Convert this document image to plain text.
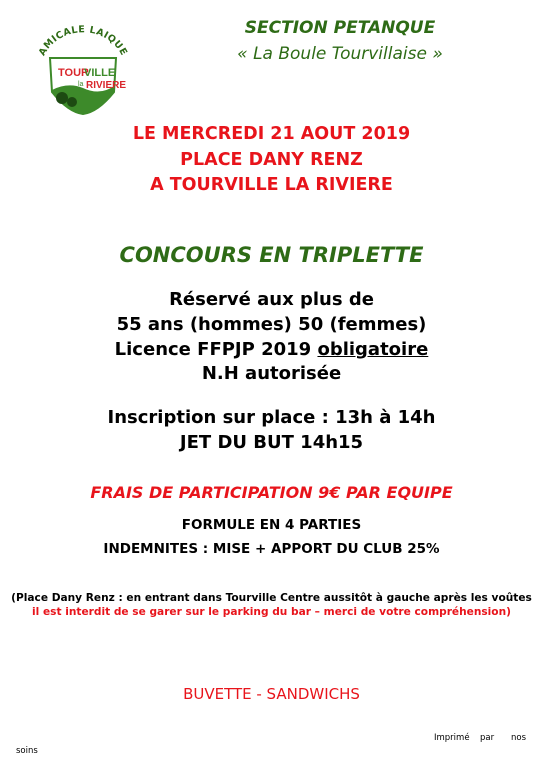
AMICALE LAIQUE
TOUR
VILLE
la RIVIERE
SECTION PETANQUE
« La Boule Tourvillaise »
LE MERCREDI 21 AOUT 2019
PLACE DANY RENZ
A TOURVILLE LA RIVIERE
CONCOURS EN TRIPLETTE
Réservé aux plus de
55 ans (hommes) 50 (femmes)
Licence FFPJP 2019 obligatoire
N.H autorisée
Inscription sur place : 13h à 14h
JET DU BUT 14h15
FRAIS DE PARTICIPATION 9€ PAR EQUIPE
FORMULE EN 4 PARTIES
INDEMNITES : MISE + APPORT DU CLUB 25%
(Place Dany Renz : en entrant dans Tourville Centre aussitôt à gauche après les voûtes
il est interdit de se garer sur le parking du bar – merci de votre compréhension)
BUVETTE - SANDWICHS
Imprimé par nos
soins
